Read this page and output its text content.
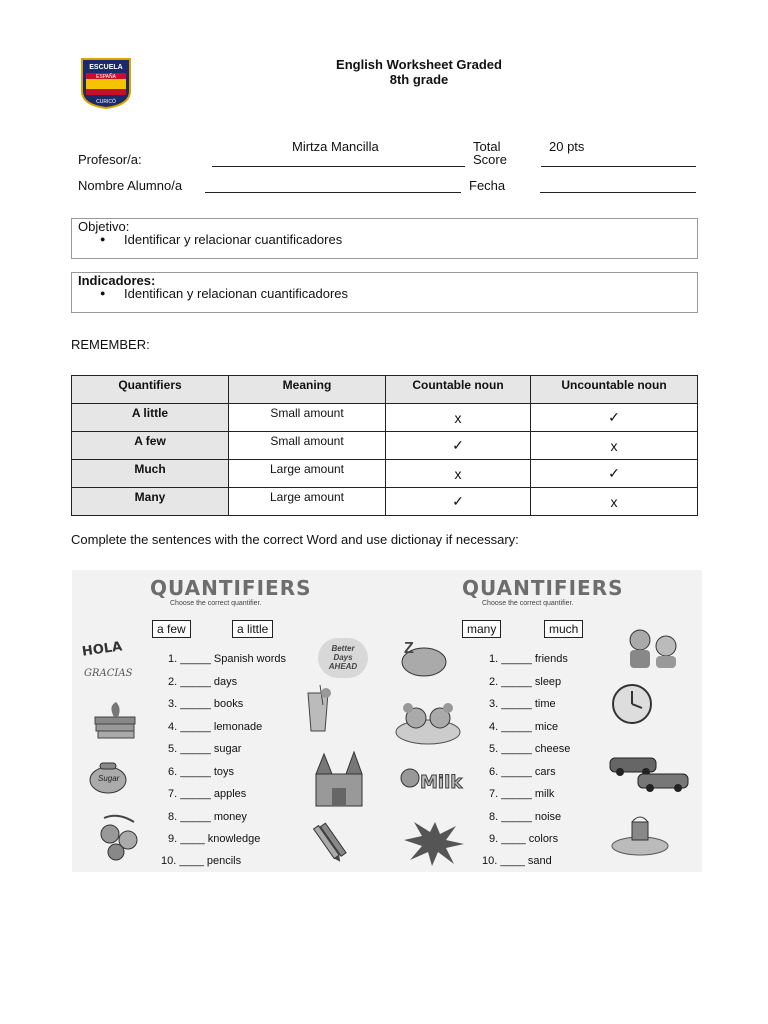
ESCUELA
ESPAÑA
CURICÓ
English Worksheet Graded
8th grade
Mirtza Mancilla
Profesor/a:
Total
Score
20 pts
Nombre Alumno/a	Fecha
Objetivo:
● Identificar y relacionar cuantificadores
Indicadores:
● Identifican y relacionan cuantificadores
REMEMBER:
Quantifiers	Meaning	Countable noun	Uncountable noun
A little	Small amount	x	✓
A few	Small amount	✓	x
Much	Large amount	x	✓
Many	Large amount	✓	x
Complete the sentences with the correct Word and use dictionay if necessary:
QUANTIFIERS
Choose the correct quantifier.
a few	a little
1. _____ Spanish words
2. _____ days
3. _____ books
4. _____ lemonade
5. _____ sugar
6. _____ toys
7. _____ apples
8. _____ money
9. ____ knowledge
10. ____ pencils
HOLA
GRACIAS
Better Days AHEAD
Sugar
QUANTIFIERS
Choose the correct quantifier.
many	much
1. _____ friends
2. _____ sleep
3. _____ time
4. _____ mice
5. _____ cheese
6. _____ cars
7. _____ milk
8. _____ noise
9. ____ colors
10. ____ sand
Z
Milk
